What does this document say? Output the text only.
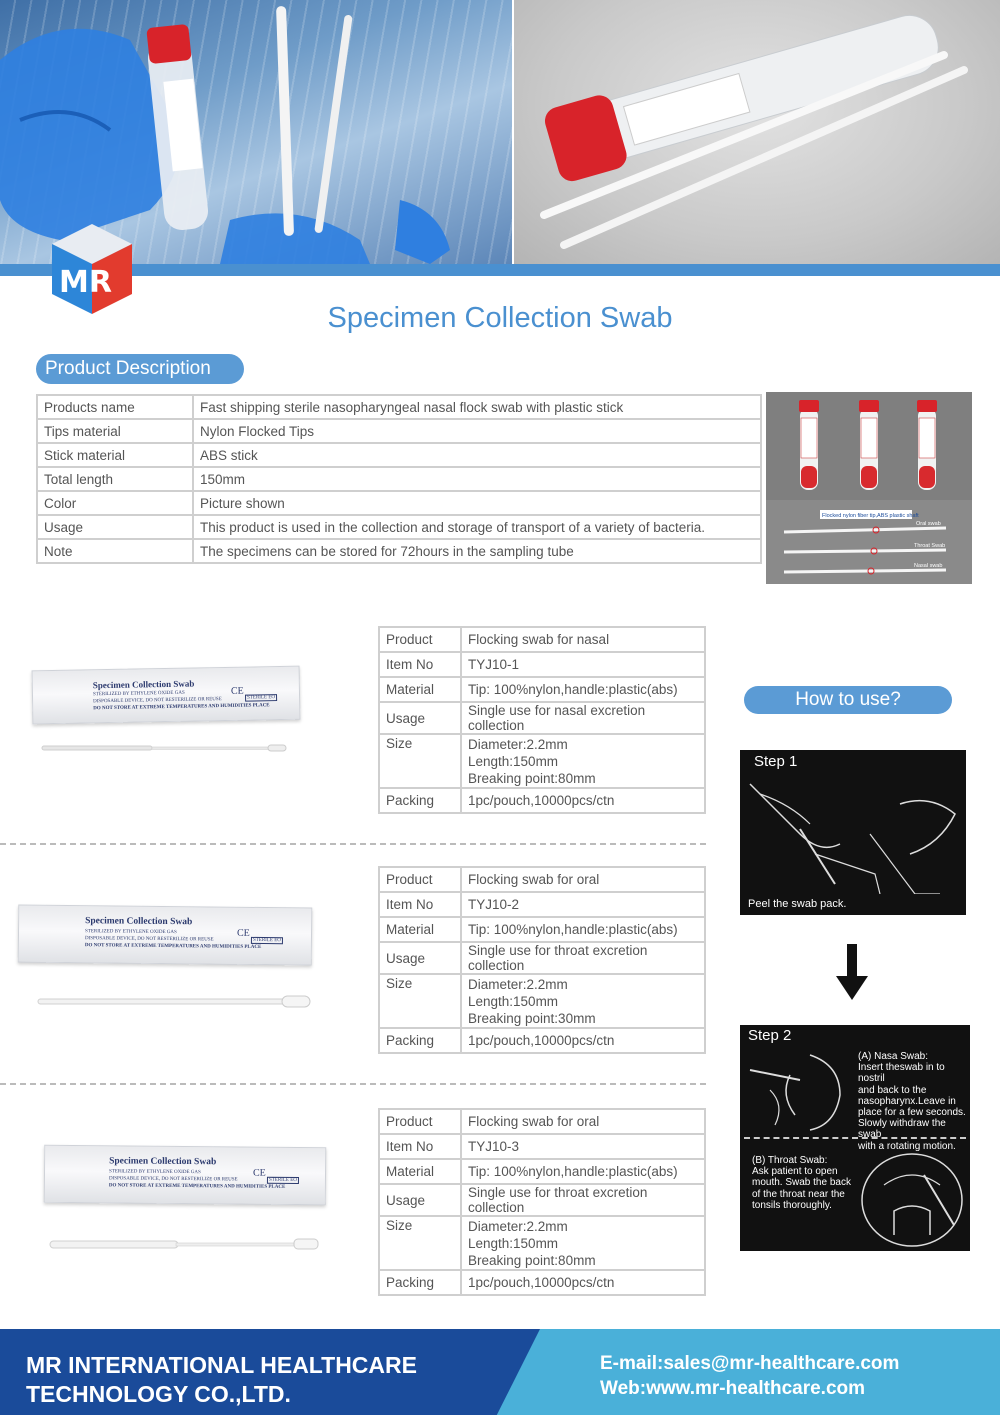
MR
Specimen Collection Swab
Product Description
Products name	Fast shipping sterile nasopharyngeal nasal flock swab with plastic stick
Tips material	Nylon Flocked Tips
Stick material	ABS stick
Total length	150mm
Color	Picture shown
Usage	This product is used in the collection and storage of transport of a variety of bacteria.
Note	The specimens can be stored for 72hours in the sampling tube
Flocked nylon fiber tip,ABS plastic shaft
Oral swab
Throat Swab
Nasal swab
Specimen Collection Swab
STERILIZED BY ETHYLENE OXIDE GAS
DISPOSABLE DEVICE, DO NOT RESTERILIZE OR REUSE
DO NOT STORE AT EXTREME TEMPERATURES AND HUMIDITIES PLACE
CE
STERILE EO
Product	Flocking swab for nasal

Item No	TYJ10-1

Material	Tip: 100%nylon,handle:plastic(abs)

Usage	Single use for nasal excretion collection

Size	Diameter:2.2mm
Length:150mm
Breaking point:80mm

Packing	1pc/pouch,10000pcs/ctn
Specimen Collection Swab
STERILIZED BY ETHYLENE OXIDE GAS
DISPOSABLE DEVICE, DO NOT RESTERILIZE OR REUSE
DO NOT STORE AT EXTREME TEMPERATURES AND HUMIDITIES PLACE
CE
STERILE EO
Product	Flocking swab for oral

Item No	TYJ10-2

Material	Tip: 100%nylon,handle:plastic(abs)

Usage	Single use for throat excretion collection

Size	Diameter:2.2mm
Length:150mm
Breaking point:30mm

Packing	1pc/pouch,10000pcs/ctn
Specimen Collection Swab
STERILIZED BY ETHYLENE OXIDE GAS
DISPOSABLE DEVICE, DO NOT RESTERILIZE OR REUSE
DO NOT STORE AT EXTREME TEMPERATURES AND HUMIDITIES PLACE
CE
STERILE EO
Product	Flocking swab for oral

Item No	TYJ10-3

Material	Tip: 100%nylon,handle:plastic(abs)

Usage	Single use for throat excretion collection

Size	Diameter:2.2mm
Length:150mm
Breaking point:80mm

Packing	1pc/pouch,10000pcs/ctn
How to use?
Step 1
Peel the swab pack.
Step 2
(A) Nasa Swab:
Insert theswab in to nostril
and back to the
nasopharynx.Leave in
place for a few seconds.
Slowly withdraw the swab
with a rotating motion.
(B) Throat Swab:
Ask patient to open
mouth. Swab the back
of the throat near the
tonsils thoroughly.
MR INTERNATIONAL HEALTHCARE
TECHNOLOGY CO.,LTD.
E-mail:sales@mr-healthcare.com
Web:www.mr-healthcare.com
